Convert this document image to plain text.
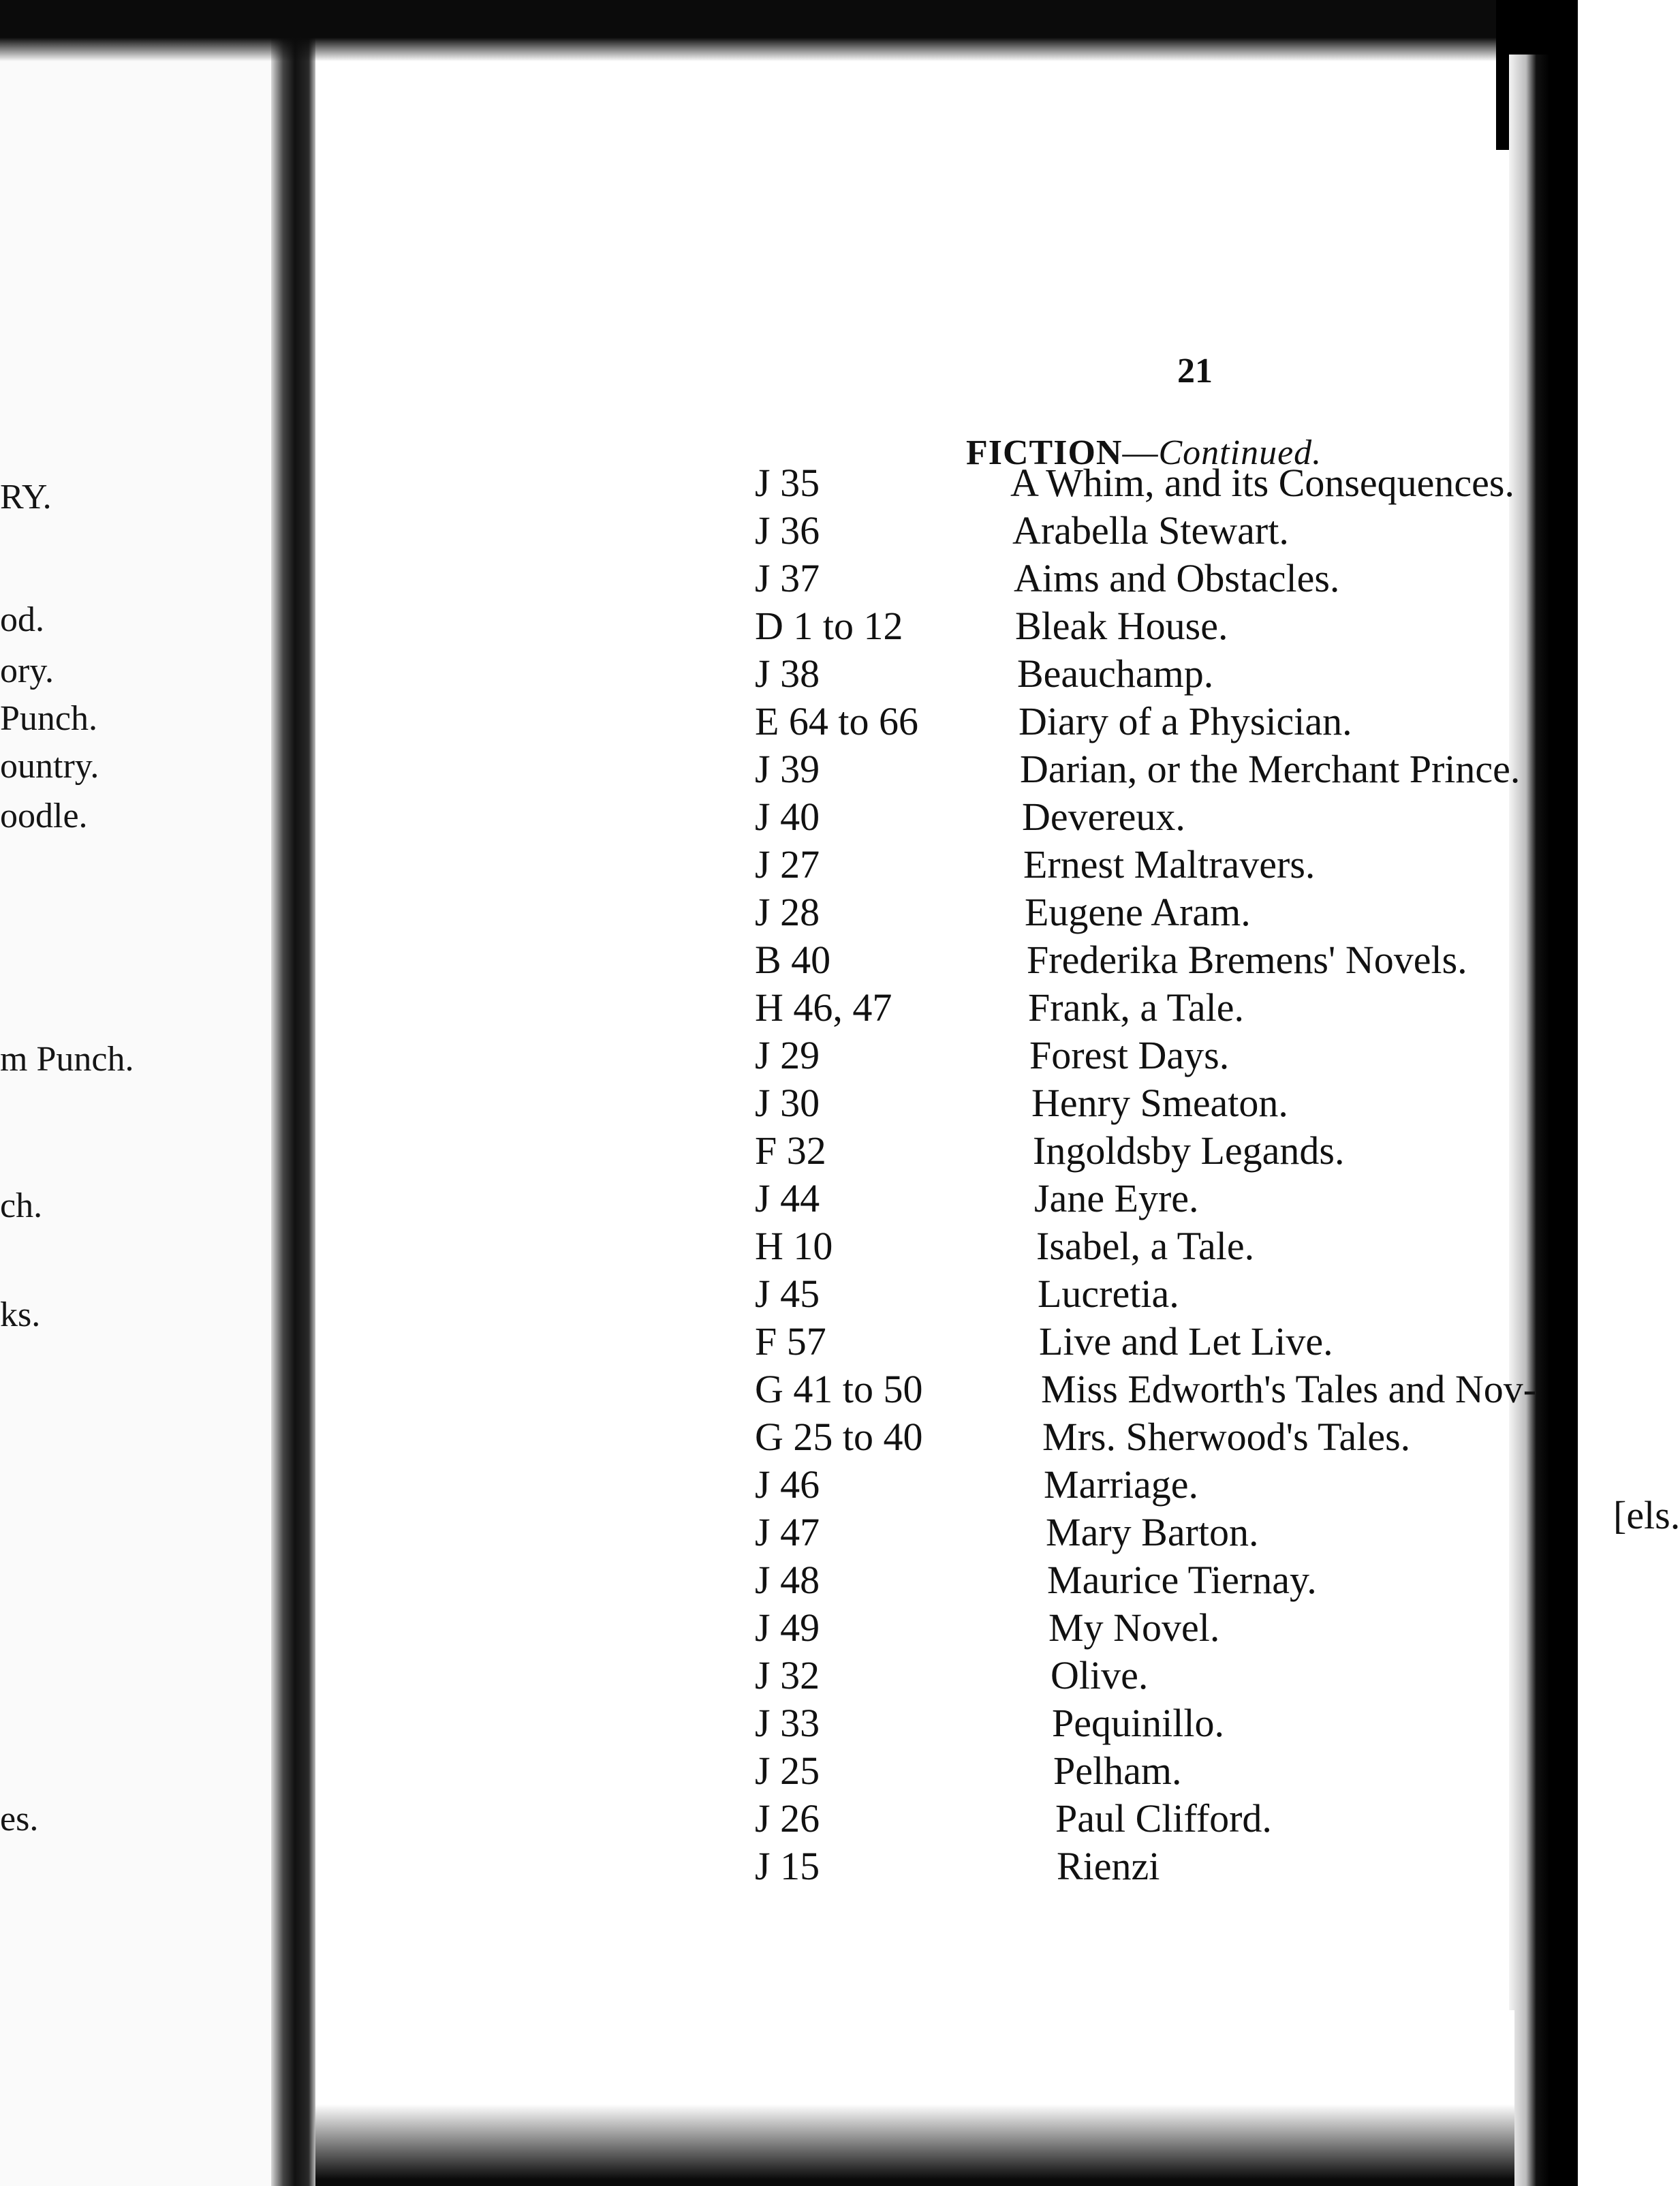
RY.
od.
ory.
Punch.
ountry.
oodle.
m Punch.
ch.
ks.
es.
21
FICTION—Continued.
J 35	A Whim, and its Consequences.
J 36	Arabella Stewart.
J 37	Aims and Obstacles.
D 1 to 12	Bleak House.
J 38	Beauchamp.
E 64 to 66	Diary of a Physician.
J 39	Darian, or the Merchant Prince.
J 40	Devereux.
J 27	Ernest Maltravers.
J 28	Eugene Aram.
B 40	Frederika Bremens' Novels.
H 46, 47	Frank, a Tale.
J 29	Forest Days.
J 30	Henry Smeaton.
F 32	Ingoldsby Legands.
J 44	Jane Eyre.
H 10	Isabel, a Tale.
J 45	Lucretia.
F 57	Live and Let Live.
G 41 to 50	Miss Edworth's Tales and Nov-
G 25 to 40	Mrs. Sherwood's Tales.
J 46	Marriage.
J 47	Mary Barton.
J 48	Maurice Tiernay.
J 49	My Novel.
J 32	Olive.
J 33	Pequinillo.
J 25	Pelham.
J 26	Paul Clifford.
J 15	Rienzi
[els.
